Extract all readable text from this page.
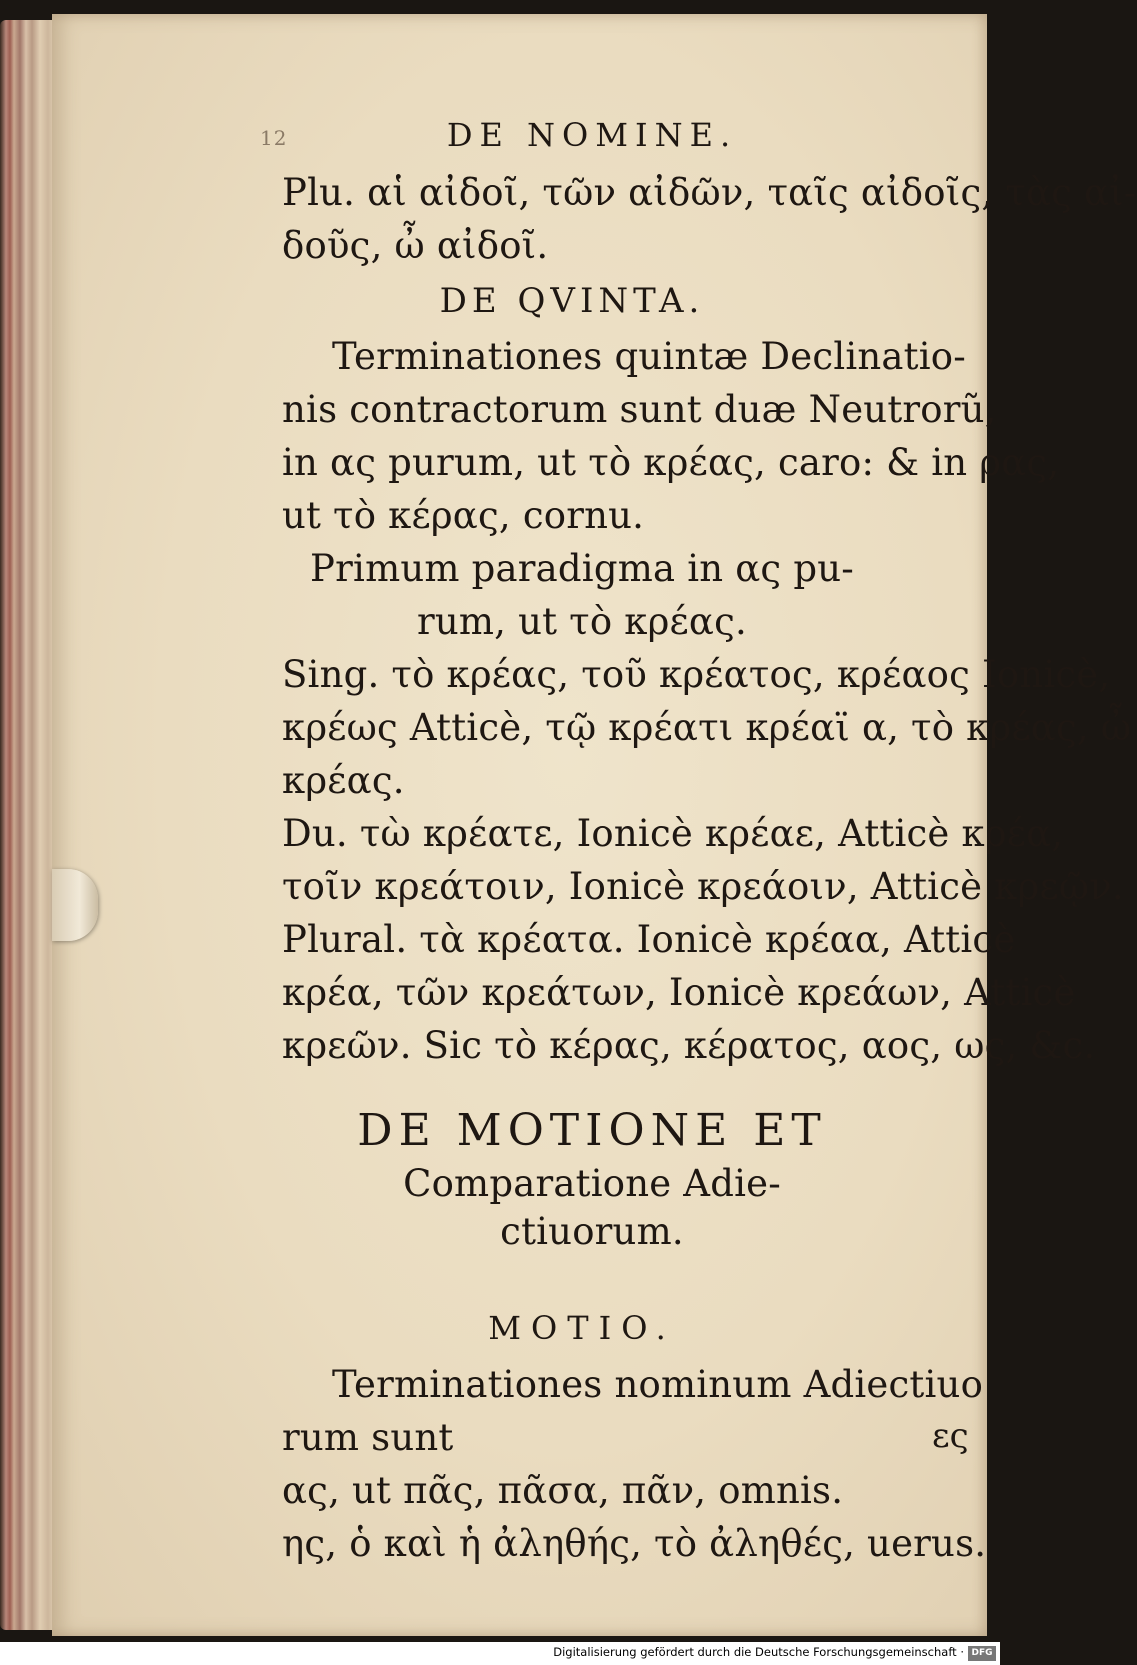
12	DE NOMINE.
Plu. αἱ αἰδοῖ, τῶν αἰδῶν, ταῖς αἰδοῖς, τὰς αἰ-
δοῦς, ὦ αἰδοῖ.
DE QVINTA.
Terminationes quintæ Declinatio-
nis contractorum sunt duæ Neutrorũ,
in ας purum, ut τὸ κρέας, caro: & in ρας,
ut τὸ κέρας, cornu.
Primum paradigma in ας pu-
rum, ut τὸ κρέας.
Sing. τὸ κρέας, τοῦ κρέατος, κρέαος Ionicè,
κρέως Atticè, τῷ κρέατι κρέαϊ α, τὸ κρέας, ὦ
κρέας.
Du. τὼ κρέατε, Ionicè κρέαε, Atticè κρέα,
τοῖν κρεάτοιν, Ionicè κρεάοιν, Atticè κρεῷν.
Plural. τὰ κρέατα. Ionicè κρέαα, Atticè
κρέα, τῶν κρεάτων, Ionicè κρεάων, Atticè
κρεῶν. Sic τὸ κέρας, κέρατος, αος, ως, &c.
DE MOTIONE ET
Comparatione Adie-
ctiuorum.
MOTIO.
Terminationes nominum Adiectiuo
rum sunt
ας, ut πᾶς, πᾶσα, πᾶν, omnis.
ης, ὁ καὶ ἡ ἀληθής, τὸ ἀληθές, uerus.
ες
Digitalisierung gefördert durch die Deutsche Forschungsgemeinschaft · DFG
